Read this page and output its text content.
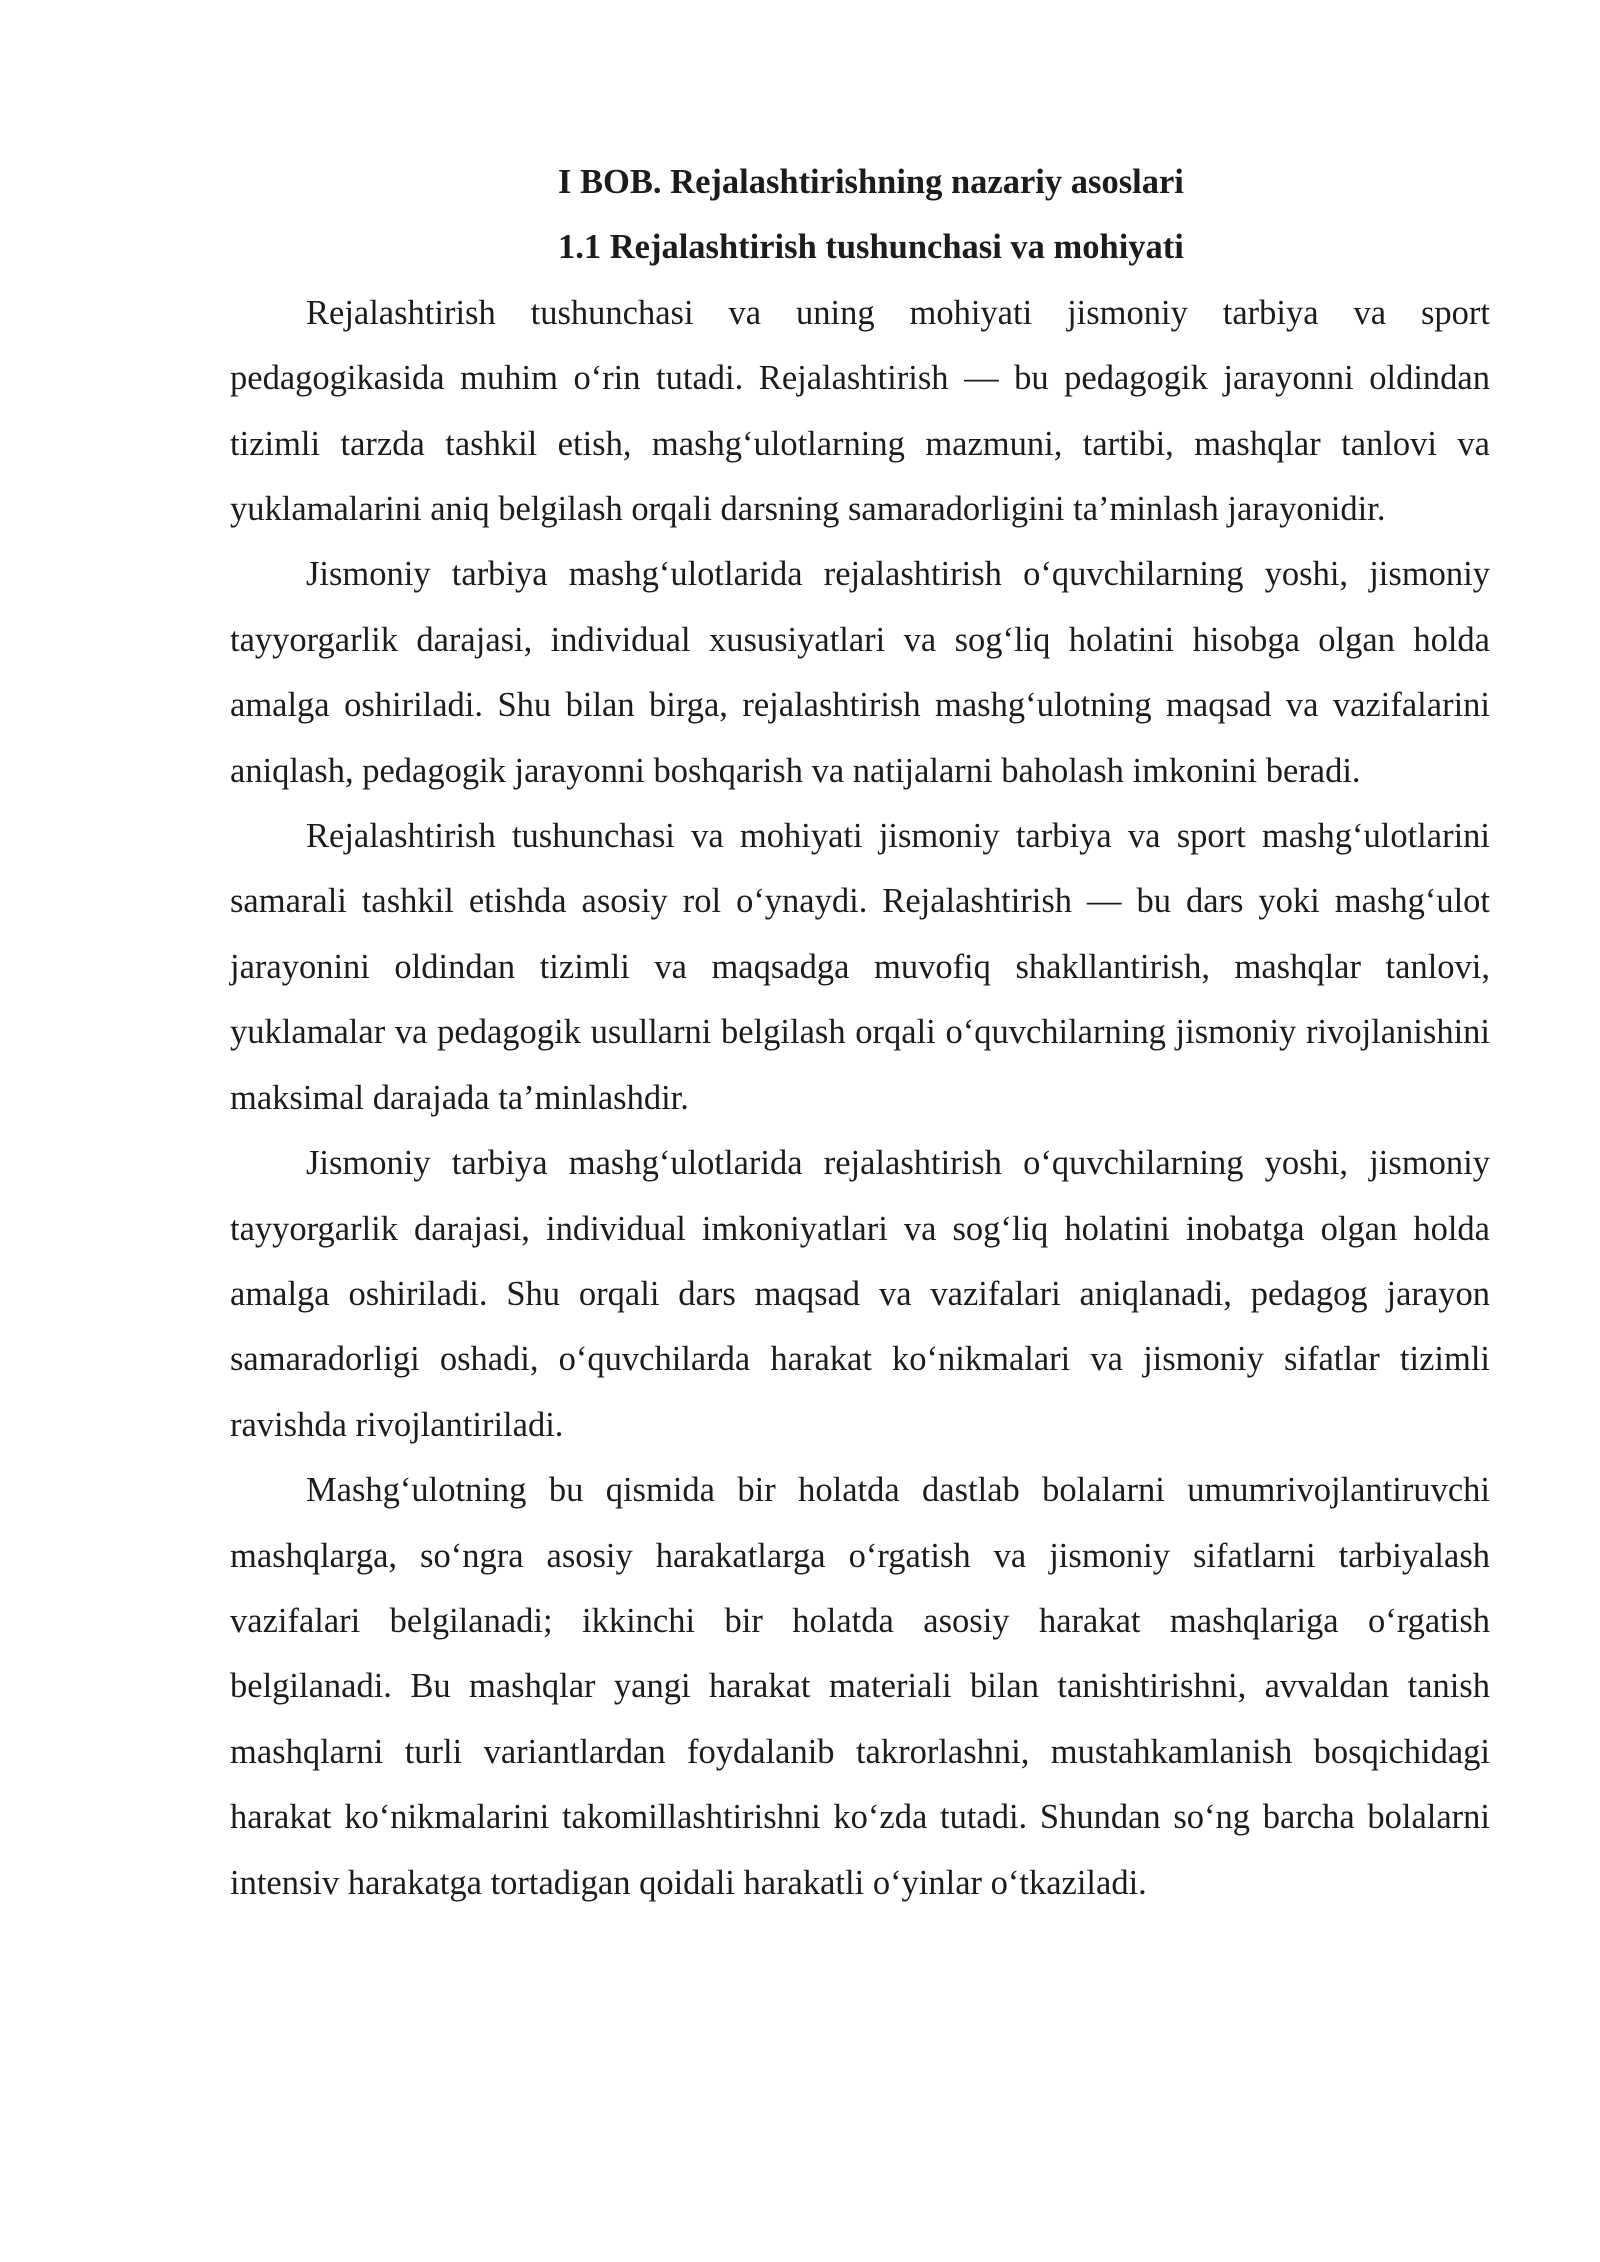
I BOB. Rejalashtirishning nazariy asoslari

1.1 Rejalashtirish tushunchasi va mohiyati

Rejalashtirish tushunchasi va uning mohiyati jismoniy tarbiya va sport pedagogikasida muhim o‘rin tutadi. Rejalashtirish — bu pedagogik jarayonni oldindan tizimli tarzda tashkil etish, mashg‘ulotlarning mazmuni, tartibi, mashqlar tanlovi va yuklamalarini aniq belgilash orqali darsning samaradorligini ta’minlash jarayonidir.

Jismoniy tarbiya mashg‘ulotlarida rejalashtirish o‘quvchilarning yoshi, jismoniy tayyorgarlik darajasi, individual xususiyatlari va sog‘liq holatini hisobga olgan holda amalga oshiriladi. Shu bilan birga, rejalashtirish mashg‘ulotning maqsad va vazifalarini aniqlash, pedagogik jarayonni boshqarish va natijalarni baholash imkonini beradi.

Rejalashtirish tushunchasi va mohiyati jismoniy tarbiya va sport mashg‘ulotlarini samarali tashkil etishda asosiy rol o‘ynaydi. Rejalashtirish — bu dars yoki mashg‘ulot jarayonini oldindan tizimli va maqsadga muvofiq shakllantirish, mashqlar tanlovi, yuklamalar va pedagogik usullarni belgilash orqali o‘quvchilarning jismoniy rivojlanishini maksimal darajada ta’minlashdir.

Jismoniy tarbiya mashg‘ulotlarida rejalashtirish o‘quvchilarning yoshi, jismoniy tayyorgarlik darajasi, individual imkoniyatlari va sog‘liq holatini inobatga olgan holda amalga oshiriladi. Shu orqali dars maqsad va vazifalari aniqlanadi, pedagog jarayon samaradorligi oshadi, o‘quvchilarda harakat ko‘nikmalari va jismoniy sifatlar tizimli ravishda rivojlantiriladi.

Mashg‘ulotning bu qismida bir holatda dastlab bolalarni umumrivojlantiruvchi mashqlarga, so‘ngra asosiy harakatlarga o‘rgatish va jismoniy sifatlarni tarbiyalash vazifalari belgilanadi; ikkinchi bir holatda asosiy harakat mashqlariga o‘rgatish belgilanadi. Bu mashqlar yangi harakat materiali bilan tanishtirishni, avvaldan tanish mashqlarni turli variantlardan foydalanib takrorlashni, mustahkamlanish bosqichidagi harakat ko‘nikmalarini takomillashtirishni ko‘zda tutadi. Shundan so‘ng barcha bolalarni intensiv harakatga tortadigan qoidali harakatli o‘yinlar o‘tkaziladi.
